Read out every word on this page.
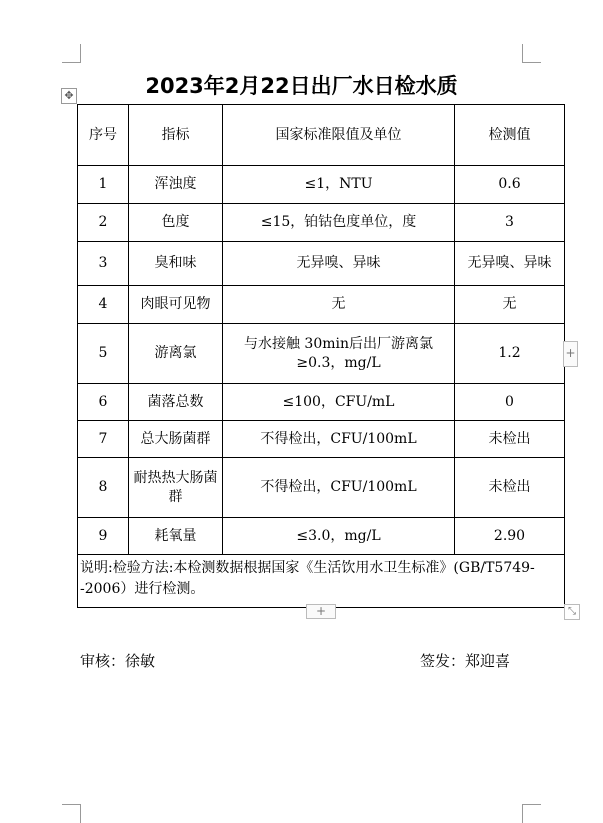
2023年2月22日出厂水日检水质
✥
序号	指标	国家标准限值及单位	检测值
1	浑浊度	≤1，NTU	0.6
2	色度	≤15，铂钴色度单位，度	3
3	臭和味	无异嗅、异味	无异嗅、异味
4	肉眼可见物	无	无
5	游离氯	与水接触 30min后出厂游离氯≥0.3，mg/L	1.2
6	菌落总数	≤100，CFU/mL	0
7	总大肠菌群	不得检出，CFU/100mL	未检出
8	耐热热大肠菌群	不得检出，CFU/100mL	未检出
9	耗氧量	≤3.0，mg/L	2.90
说明:检验方法:本检测数据根据国家《生活饮用水卫生标准》(GB/T5749--2006）进行检测。			
+
+	⤡
审核：徐敏	签发：郑迎喜
